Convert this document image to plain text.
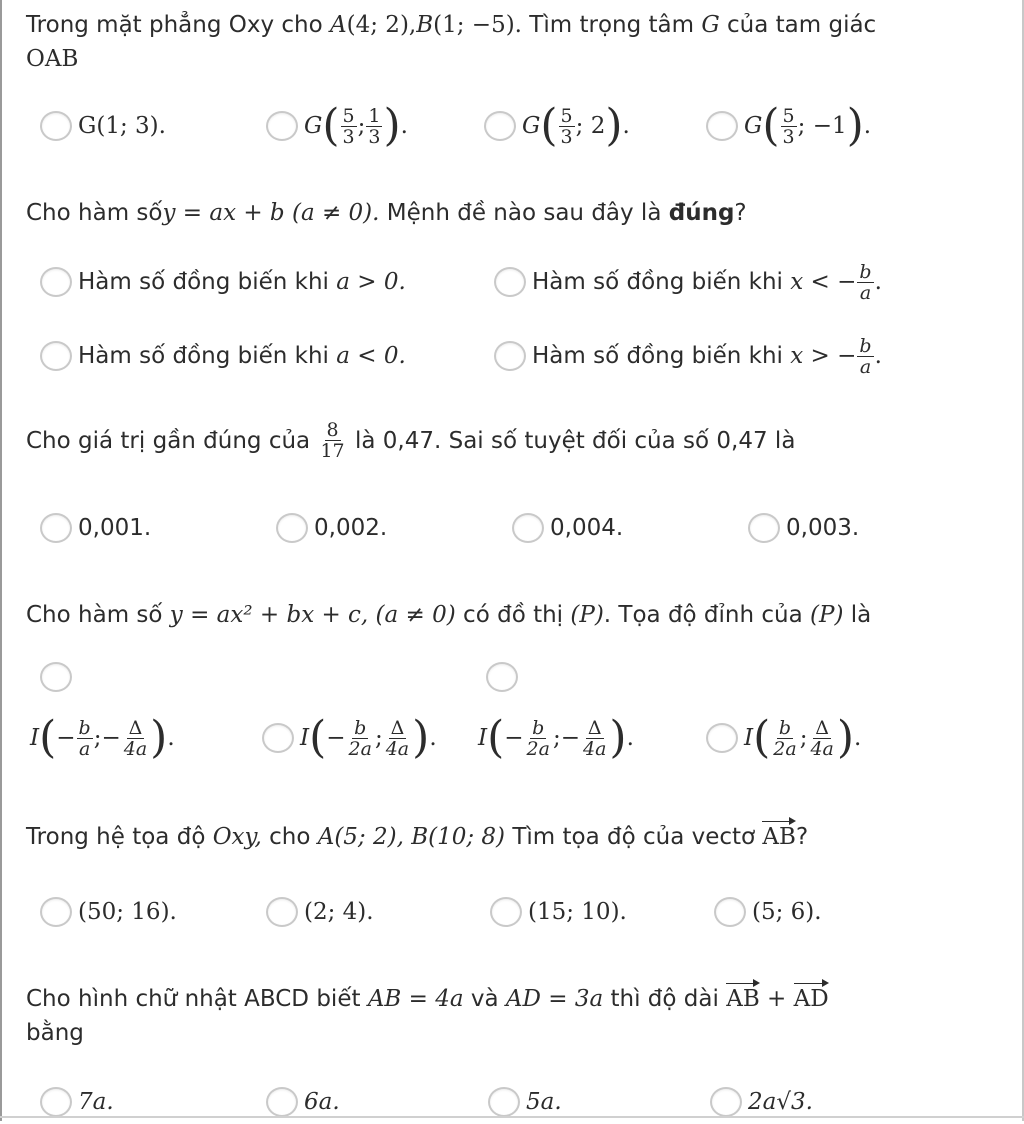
Trong mặt phẳng Oxy cho A(4; 2),B(1; −5). Tìm trọng tâm G của tam giác
OAB
G(1; 3).	G ( $\frac{5}{3}$ ; $\frac{1}{3}$ ) .	G ( $\frac{5}{3}$ ; 2 ) .	G ( $\frac{5}{3}$ ; −1 ) .
Cho hàm sốy = ax + b (a ≠ 0). Mệnh đề nào sau đây là đúng?
Hàm số đồng biến khi
a > 0.	Hàm số đồng biến khi
x < − $\frac{b}{a}$ .
Hàm số đồng biến khi
a < 0.	Hàm số đồng biến khi
x > − $\frac{b}{a}$ .
Cho giá trị gần đúng của
$\frac{8}{17}$
là 0,47. Sai số tuyệt đối của số 0,47 là
0,001.	0,002.	0,004.	0,003.
Cho hàm số y = ax² + bx + c, (a ≠ 0) có đồ thị (P). Tọa độ đỉnh của (P) là
I ( − $\frac{b}{a}$ ; − $\frac{\Delta}{4a}$ ) .	I ( − $\frac{b}{2a}$ ; $\frac{\Delta}{4a}$ ) . I ( − $\frac{b}{2a}$ ; − $\frac{\Delta}{4a}$ ) .	I ( $\frac{b}{2a}$ ; $\frac{\Delta}{4a}$ ) .
Trong hệ tọa độ Oxy, cho A(5; 2), B(10; 8) Tìm tọa độ của vectơ AB?
(50; 16).	(2; 4).	(15; 10).	(5; 6).
Cho hình chữ nhật ABCD biết AB = 4a và AD = 3a thì độ dài AB + AD
bằng
7a.	6a.	5a.	2a√3.
